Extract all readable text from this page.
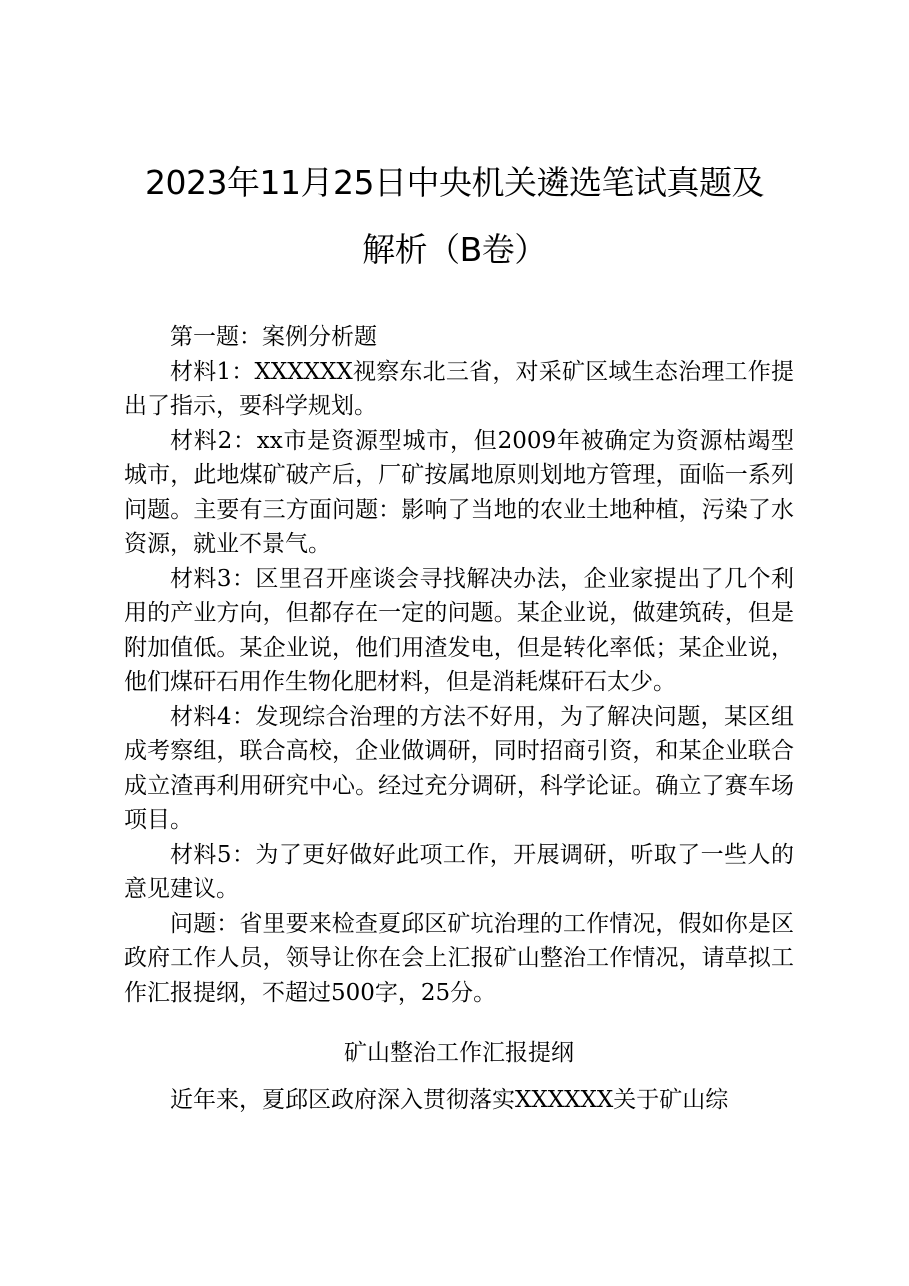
2023年11月25日中央机关遴选笔试真题及
解析（B卷）

第一题：案例分析题

材料1：XXXXXX视察东北三省，对采矿区域生态治理工作提出了指示，要科学规划。

材料2：xx市是资源型城市，但2009年被确定为资源枯竭型城市，此地煤矿破产后，厂矿按属地原则划地方管理，面临一系列问题。主要有三方面问题：影响了当地的农业土地种植，污染了水资源，就业不景气。

材料3：区里召开座谈会寻找解决办法，企业家提出了几个利用的产业方向，但都存在一定的问题。某企业说，做建筑砖，但是附加值低。某企业说，他们用渣发电，但是转化率低；某企业说，他们煤矸石用作生物化肥材料，但是消耗煤矸石太少。

材料4：发现综合治理的方法不好用，为了解决问题，某区组成考察组，联合高校，企业做调研，同时招商引资，和某企业联合成立渣再利用研究中心。经过充分调研，科学论证。确立了赛车场项目。

材料5：为了更好做好此项工作，开展调研，听取了一些人的意见建议。

问题：省里要来检查夏邱区矿坑治理的工作情况，假如你是区政府工作人员，领导让你在会上汇报矿山整治工作情况，请草拟工作汇报提纲，不超过500字，25分。

矿山整治工作汇报提纲
近年来，夏邱区政府深入贯彻落实XXXXXX关于矿山综
